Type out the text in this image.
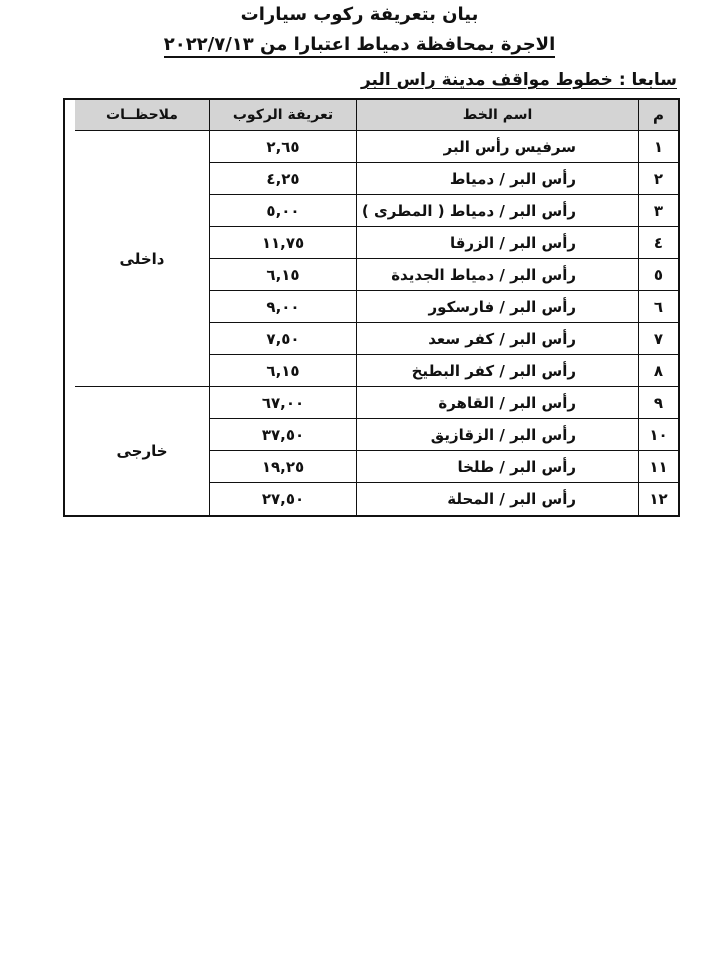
بيان بتعريفة ركوب سيارات
الاجرة بمحافظة دمياط اعتبارا من ٢٠٢٢/٧/١٣
سابعا : خطوط مواقف مدينة راس البر
م
اسم الخط
تعريفة الركوب
ملاحظــات
١
سرفيس رأس البر
٢,٦٥
٢
رأس البر / دمياط
٤,٢٥
٣
رأس البر / دمياط ( المطرى )
٥,٠٠
٤
رأس البر / الزرقا
١١,٧٥
٥
رأس البر / دمياط الجديدة
٦,١٥
٦
رأس البر / فارسكور
٩,٠٠
٧
رأس البر / كفر سعد
٧,٥٠
٨
رأس البر / كفر البطيخ
٦,١٥
٩
رأس البر / القاهرة
٦٧,٠٠
١٠
رأس البر / الزقازيق
٣٧,٥٠
١١
رأس البر / طلخا
١٩,٢٥
١٢
رأس البر / المحلة
٢٧,٥٠
داخلى
خارجى
